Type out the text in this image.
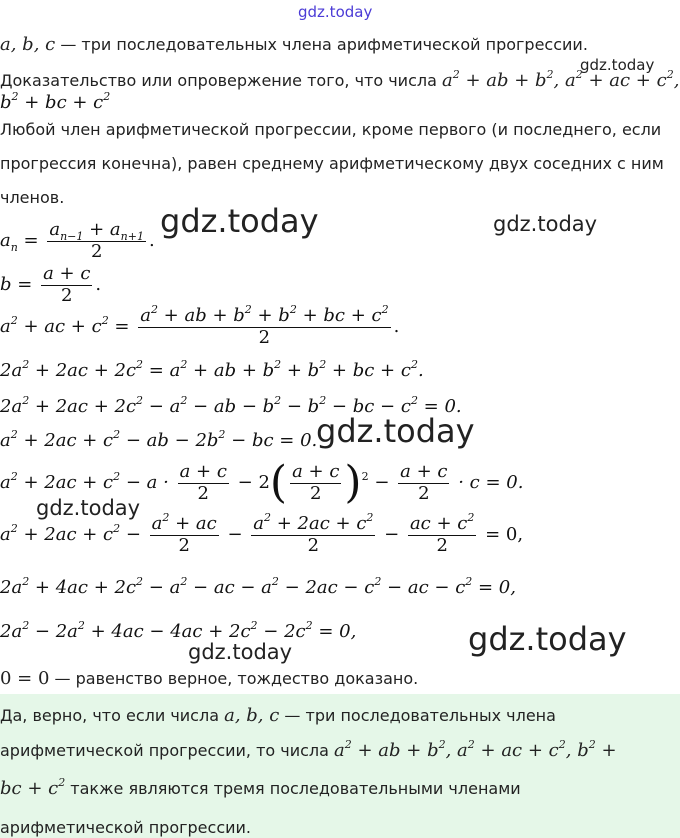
gdz.today
gdz.today
gdz.today	gdz.today
gdz.today
gdz.today
gdz.today
gdz.today
a, b, c — три последовательных члена арифметической прогрессии.
Доказательство или опровержение того, что числа $a^2$ + ab + $b^2$, $a^2$ + ac + $c^2$,
$b^2$ + bc + $c^2$
Любой член арифметической прогрессии, кроме первого (и последнего, если
прогрессия конечна), равен среднему арифметическому двух соседних с ним
членов.
$a_n = \frac{a_{n-1} + a_{n+1}}{2}$ .
$b = \frac{a + c}{2}$ .
$a^2$ + ac + $c^2 = \frac{a^2 + ab + b^2 + b^2 + bc + c^2}{2}$ .
$2a^2 + 2ac + 2c^2 = a^2$ + ab + $b^2 + b^2$ + bc + $c^2$.
$2a^2 + 2ac + 2c^2 - a^2$ − ab − $b^2 - b^2$ − bc − $c^2 = 0$.
$a^2 + 2ac + c^2$ − ab − $2b^2$ − bc = 0.
$a^2 + 2ac + c^2 - a \cdot \frac{a + c}{2} - 2( \frac{a + c}{2} )^2 - \frac{a + c}{2} \cdot c = 0$.
$a^2 + 2ac + c^2 - \frac{a^2 + ac}{2} - \frac{a^2 + 2ac + c^2}{2} - \frac{ac + c^2}{2} = 0$,
$2a^2 + 4ac + 2c^2 - a^2$ − ac − $a^2 - 2ac - c^2$ − ac − $c^2 = 0$,
$2a^2 - 2a^2 + 4ac - 4ac + 2c^2 - 2c^2 = 0$,
0 = 0 — равенство верное, тождество доказано.
Да, верно, что если числа a, b, c — три последовательных члена
арифметической прогрессии, то числа $a^2$ + ab + $b^2$, $a^2$ + ac + $c^2$, $b^2$ +
bc + $c^2$ также являются тремя последовательными членами
арифметической прогрессии.
